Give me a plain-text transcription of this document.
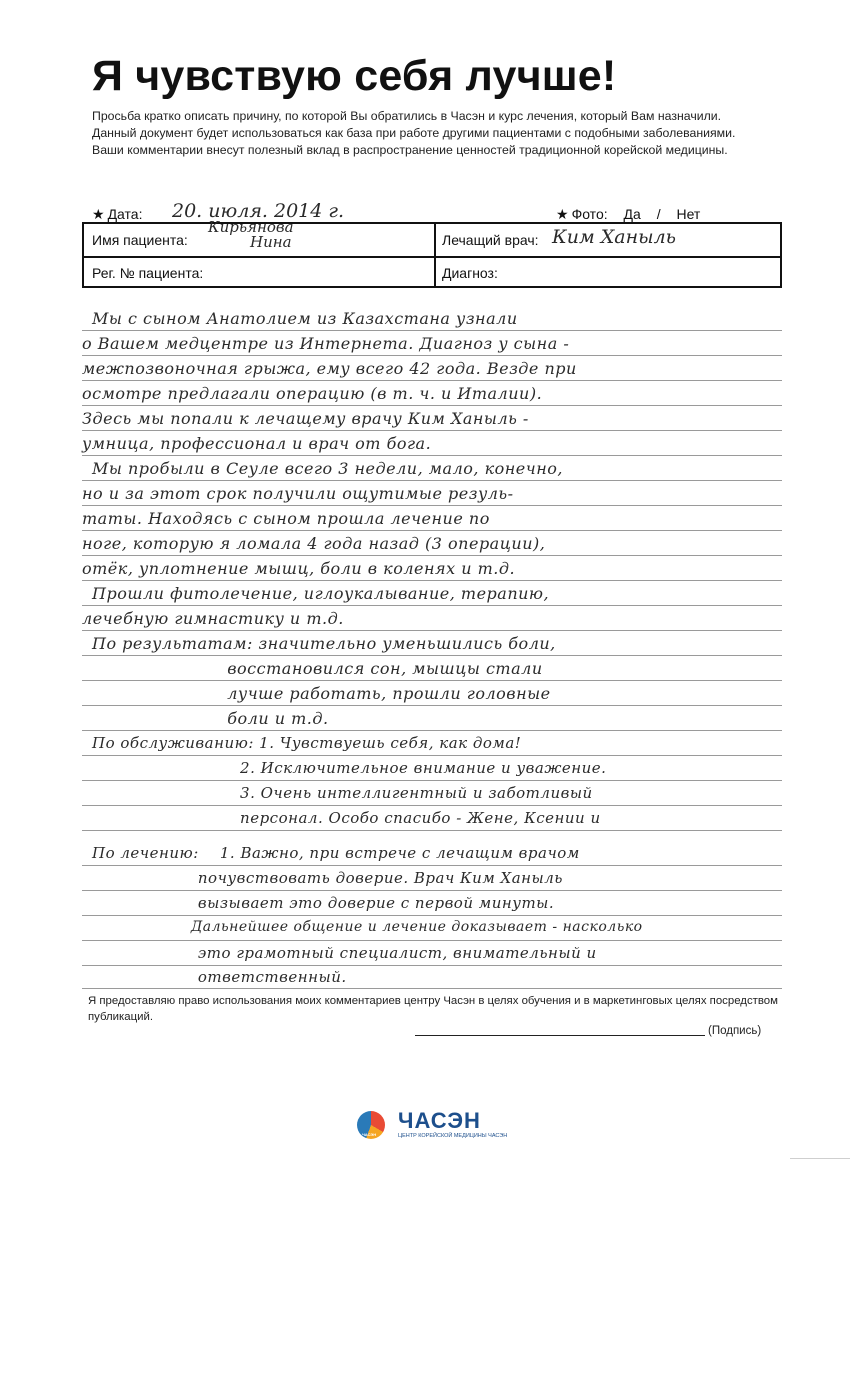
Я чувствую себя лучше!

Просьба кратко описать причину, по которой Вы обратились в Часэн и курс лечения, который Вам назначили.

Данный документ будет использоваться как база при работе другими пациентами с подобными заболеваниями.

Ваши комментарии внесут полезный вклад в распространение ценностей традиционной корейской медицины.

★ Дата: 20. июля. 2014 г.	★ Фото: Да / Нет
Имя пациента:
Кирьянова
Нина	Лечащий врач: Ким Ханыль
Рег. № пациента:	Диагноз:
Мы с сыном Анатолием из Казахстана узнали
о Вашем медцентре из Интернета. Диагноз у сына -
межпозвоночная грыжа, ему всего 42 года. Везде при
осмотре предлагали операцию (в т. ч. и Италии).
Здесь мы попали к лечащему врачу Ким Ханыль -
умница, профессионал и врач от бога.
Мы пробыли в Сеуле всего 3 недели, мало, конечно,
но и за этот срок получили ощутимые резуль-
таты. Находясь с сыном прошла лечение по
ноге, которую я ломала 4 года назад (3 операции),
отёк, уплотнение мышц, боли в коленях и т.д.
Прошли фитолечение, иглоукалывание, терапию,
лечебную гимнастику и т.д.
По результатам: значительно уменьшились боли,
восстановился сон, мышцы стали
лучше работать, прошли головные
боли и т.д.
По обслуживанию: 1. Чувствуешь себя, как дома!
2. Исключительное внимание и уважение.
3. Очень интеллигентный и заботливый
персонал. Особо спасибо - Жене, Ксении и
По лечению:    1. Важно, при встрече с лечащим врачом
почувствовать доверие. Врач Ким Ханыль
вызывает это доверие с первой минуты.
Дальнейшее общение и лечение доказывает - насколько
это грамотный специалист, внимательный и
ответственный.

Я предоставляю право использования моих комментариев центру Часэн в целях обучения и в маркетинговых целях посредством публикаций.

(Подпись)
ЧАСЭН
ЧАСЭН
ЦЕНТР КОРЕЙСКОЙ МЕДИЦИНЫ ЧАСЭН
